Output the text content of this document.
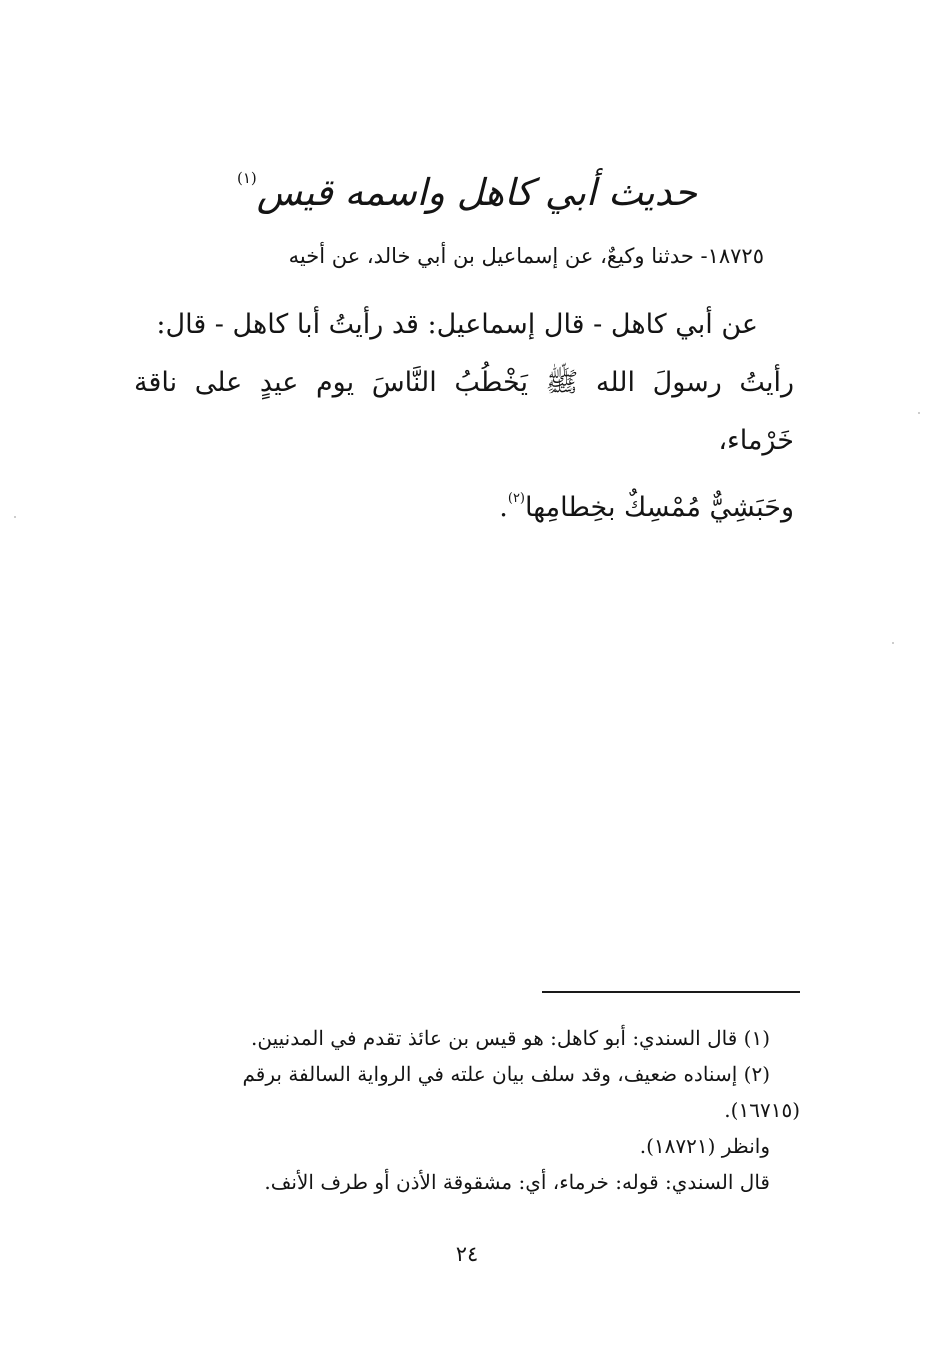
حديث أبي كاهل واسمه قيس$^{(١)}$
١٨٧٢٥- حدثنا وكيعٌ، عن إسماعيل بن أبي خالد، عن أخيه

عن أبي كاهل - قال إسماعيل: قد رأيتُ أبا كاهل - قال:

رأيتُ رسولَ الله ﷺ يَخْطُبُ النَّاسَ يوم عيدٍ على ناقة خَرْماء،

وحَبَشِيٌّ مُمْسِكٌ بخِطامِها$^{(٢)}$.

(١) قال السندي: أبو كاهل: هو قيس بن عائذ تقدم في المدنيين.

(٢) إسناده ضعيف، وقد سلف بيان علته في الرواية السالفة برقم

(١٦٧١٥).

وانظر (١٨٧٢١).

قال السندي: قوله: خرماء، أي: مشقوقة الأذن أو طرف الأنف.

٢٤
